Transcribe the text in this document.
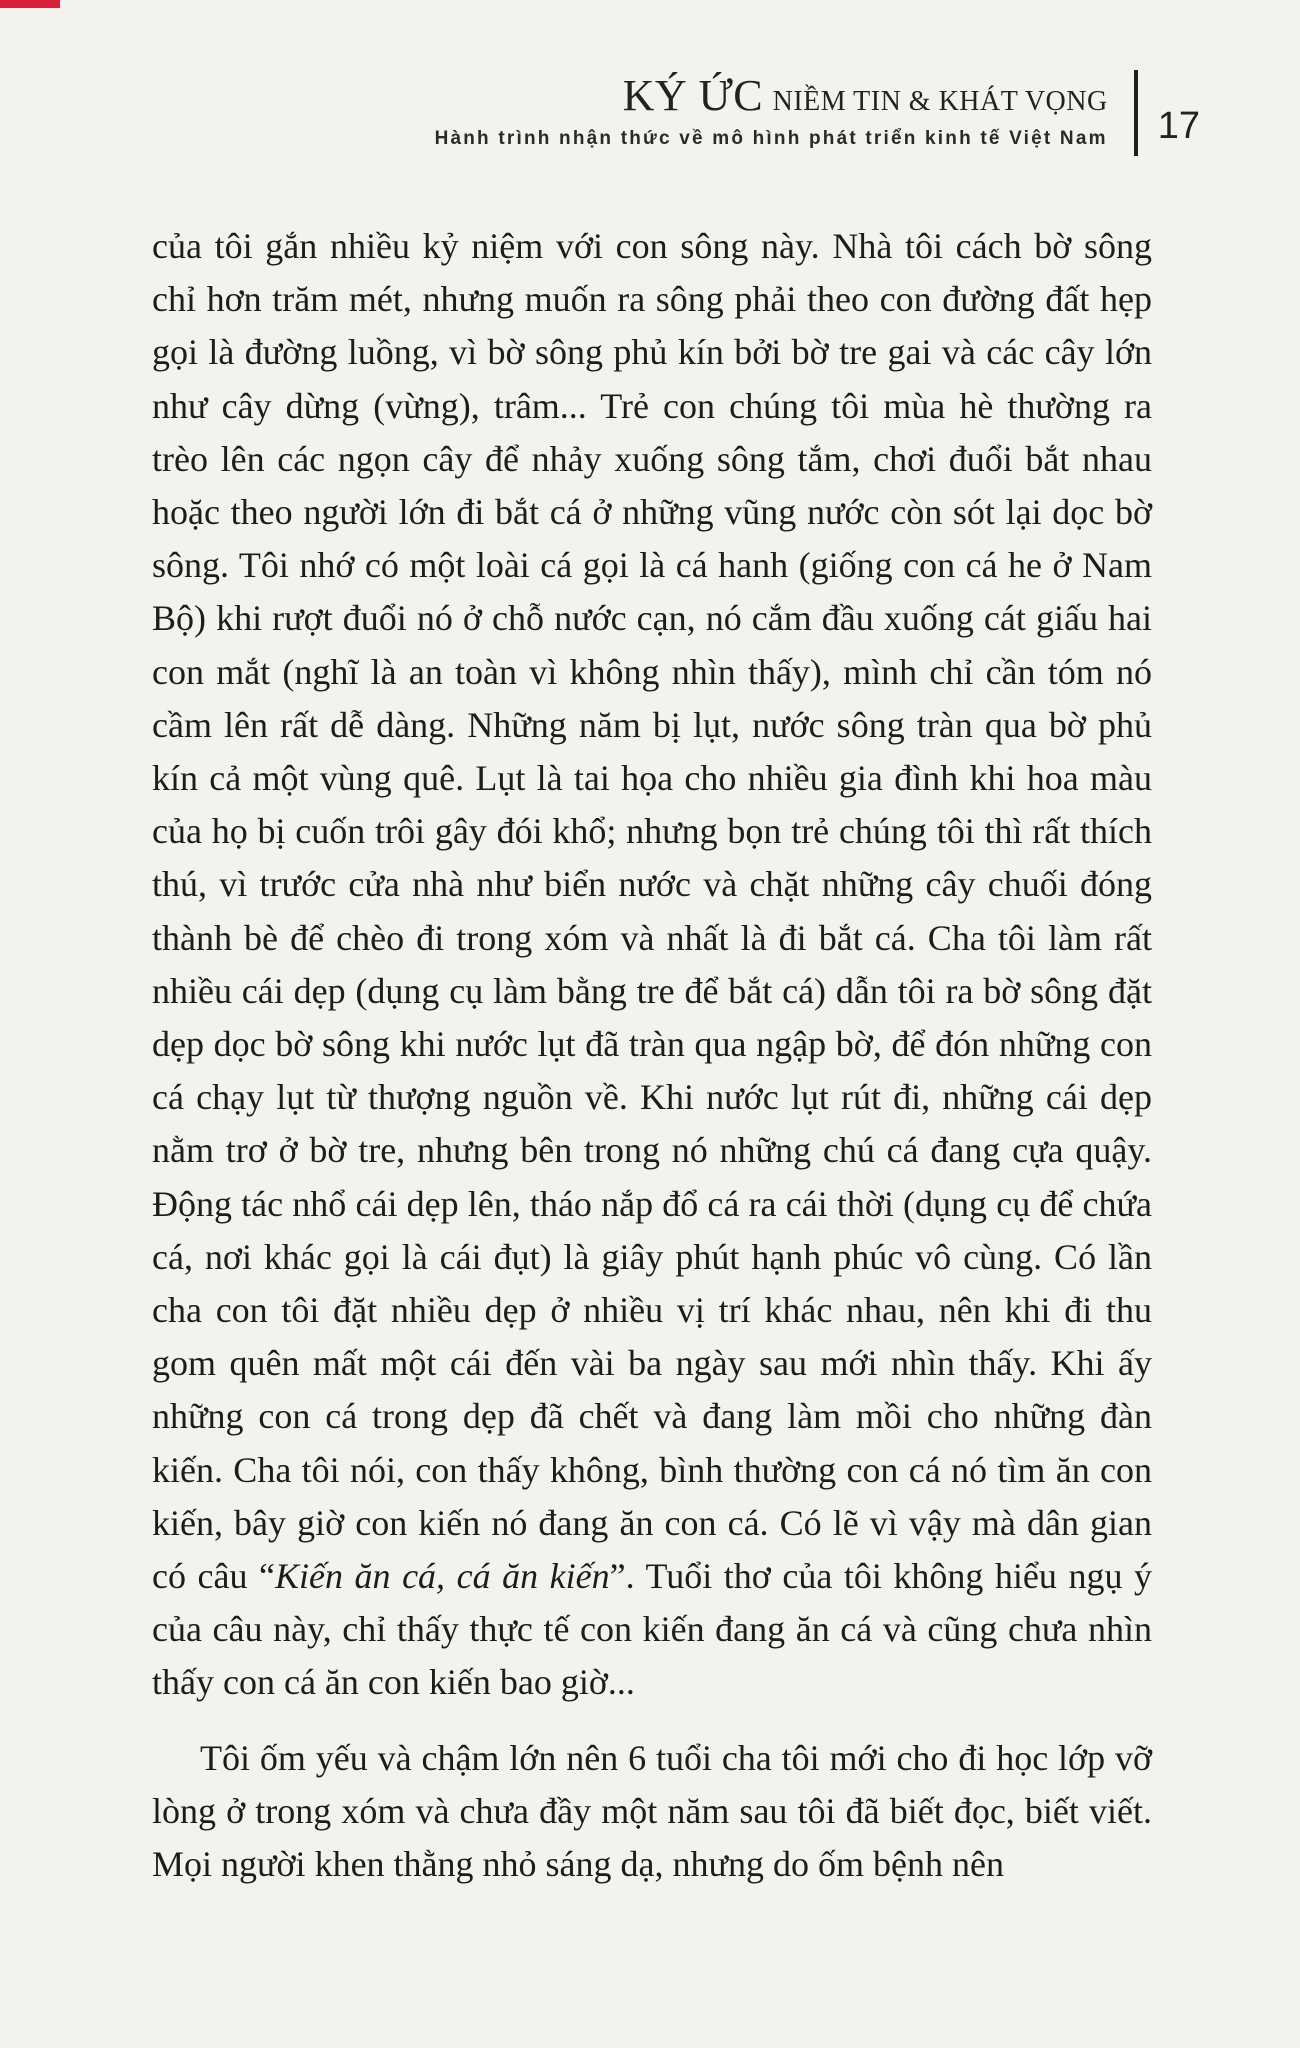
KÝ ỨC NIỀM TIN & KHÁT VỌNG
Hành trình nhận thức về mô hình phát triển kinh tế Việt Nam 17

của tôi gắn nhiều kỷ niệm với con sông này. Nhà tôi cách bờ sông chỉ hơn trăm mét, nhưng muốn ra sông phải theo con đường đất hẹp gọi là đường luồng, vì bờ sông phủ kín bởi bờ tre gai và các cây lớn như cây dừng (vừng), trâm... Trẻ con chúng tôi mùa hè thường ra trèo lên các ngọn cây để nhảy xuống sông tắm, chơi đuổi bắt nhau hoặc theo người lớn đi bắt cá ở những vũng nước còn sót lại dọc bờ sông. Tôi nhớ có một loài cá gọi là cá hanh (giống con cá he ở Nam Bộ) khi rượt đuổi nó ở chỗ nước cạn, nó cắm đầu xuống cát giấu hai con mắt (nghĩ là an toàn vì không nhìn thấy), mình chỉ cần tóm nó cầm lên rất dễ dàng. Những năm bị lụt, nước sông tràn qua bờ phủ kín cả một vùng quê. Lụt là tai họa cho nhiều gia đình khi hoa màu của họ bị cuốn trôi gây đói khổ; nhưng bọn trẻ chúng tôi thì rất thích thú, vì trước cửa nhà như biển nước và chặt những cây chuối đóng thành bè để chèo đi trong xóm và nhất là đi bắt cá. Cha tôi làm rất nhiều cái dẹp (dụng cụ làm bằng tre để bắt cá) dẫn tôi ra bờ sông đặt dẹp dọc bờ sông khi nước lụt đã tràn qua ngập bờ, để đón những con cá chạy lụt từ thượng nguồn về. Khi nước lụt rút đi, những cái dẹp nằm trơ ở bờ tre, nhưng bên trong nó những chú cá đang cựa quậy. Động tác nhổ cái dẹp lên, tháo nắp đổ cá ra cái thời (dụng cụ để chứa cá, nơi khác gọi là cái đụt) là giây phút hạnh phúc vô cùng. Có lần cha con tôi đặt nhiều dẹp ở nhiều vị trí khác nhau, nên khi đi thu gom quên mất một cái đến vài ba ngày sau mới nhìn thấy. Khi ấy những con cá trong dẹp đã chết và đang làm mồi cho những đàn kiến. Cha tôi nói, con thấy không, bình thường con cá nó tìm ăn con kiến, bây giờ con kiến nó đang ăn con cá. Có lẽ vì vậy mà dân gian có câu “Kiến ăn cá, cá ăn kiến”. Tuổi thơ của tôi không hiểu ngụ ý của câu này, chỉ thấy thực tế con kiến đang ăn cá và cũng chưa nhìn thấy con cá ăn con kiến bao giờ...

Tôi ốm yếu và chậm lớn nên 6 tuổi cha tôi mới cho đi học lớp vỡ lòng ở trong xóm và chưa đầy một năm sau tôi đã biết đọc, biết viết. Mọi người khen thằng nhỏ sáng dạ, nhưng do ốm bệnh nên
